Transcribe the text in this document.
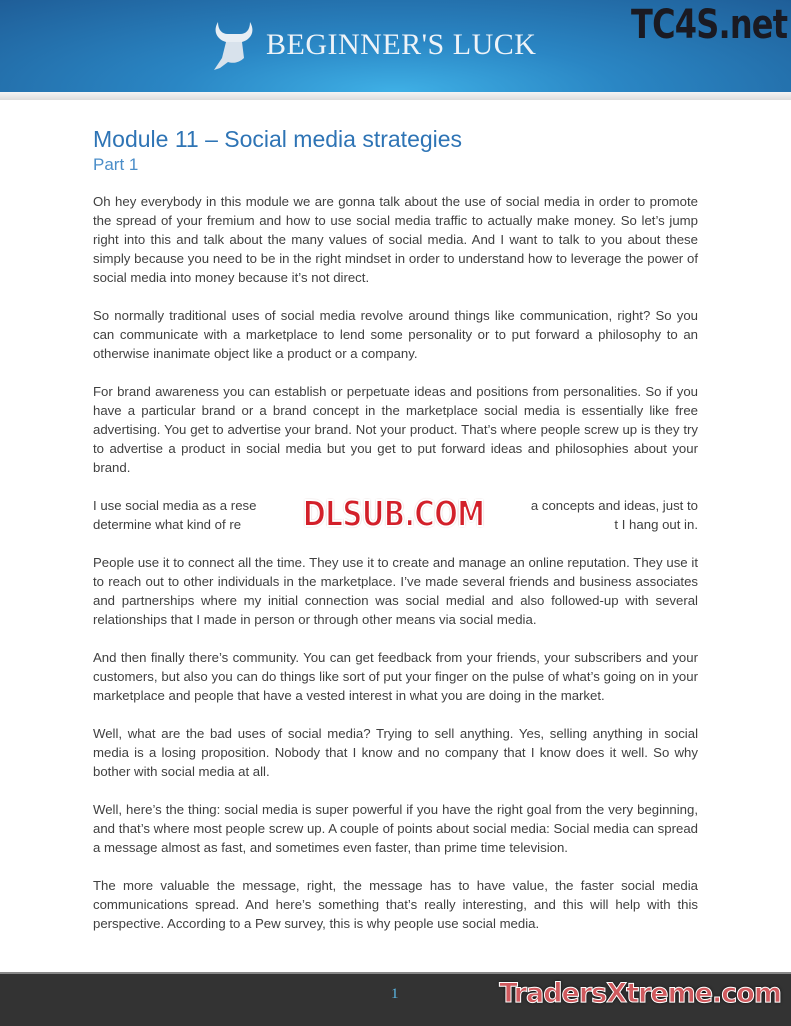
BEGINNER'S LUCK TC4S.net
Module 11 – Social media strategies
Part 1

Oh hey everybody in this module we are gonna talk about the use of social media in order to promote the spread of your fremium and how to use social media traffic to actually make money. So let’s jump right into this and talk about the many values of social media. And I want to talk to you about these simply because you need to be in the right mindset in order to understand how to leverage the power of social media into money because it’s not direct.

So normally traditional uses of social media revolve around things like communication, right? So you can communicate with a marketplace to lend some personality or to put forward a philosophy to an otherwise inanimate object like a product or a company.

For brand awareness you can establish or perpetuate ideas and positions from personalities. So if you have a particular brand or a brand concept in the marketplace social media is essentially like free advertising. You get to advertise your brand. Not your product. That’s where people screw up is they try to advertise a product in social media but you get to put forward ideas and philosophies about your brand.

I use social media as a rese	a concepts and ideas, just to
determine what kind of re	t I hang out in.
DLSUB.COM

People use it to connect all the time. They use it to create and manage an online reputation. They use it to reach out to other individuals in the marketplace. I’ve made several friends and business associates and partnerships where my initial connection was social medial and also followed-up with several relationships that I made in person or through other means via social media.

And then finally there’s community. You can get feedback from your friends, your subscribers and your customers, but also you can do things like sort of put your finger on the pulse of what’s going on in your marketplace and people that have a vested interest in what you are doing in the market.

Well, what are the bad uses of social media? Trying to sell anything. Yes, selling anything in social media is a losing proposition. Nobody that I know and no company that I know does it well. So why bother with social media at all.

Well, here’s the thing: social media is super powerful if you have the right goal from the very beginning, and that’s where most people screw up. A couple of points about social media: Social media can spread a message almost as fast, and sometimes even faster, than prime time television.

The more valuable the message, right, the message has to have value, the faster social media communications spread. And here’s something that’s really interesting, and this will help with this perspective. According to a Pew survey, this is why people use social media.

1	TradersXtreme.com
